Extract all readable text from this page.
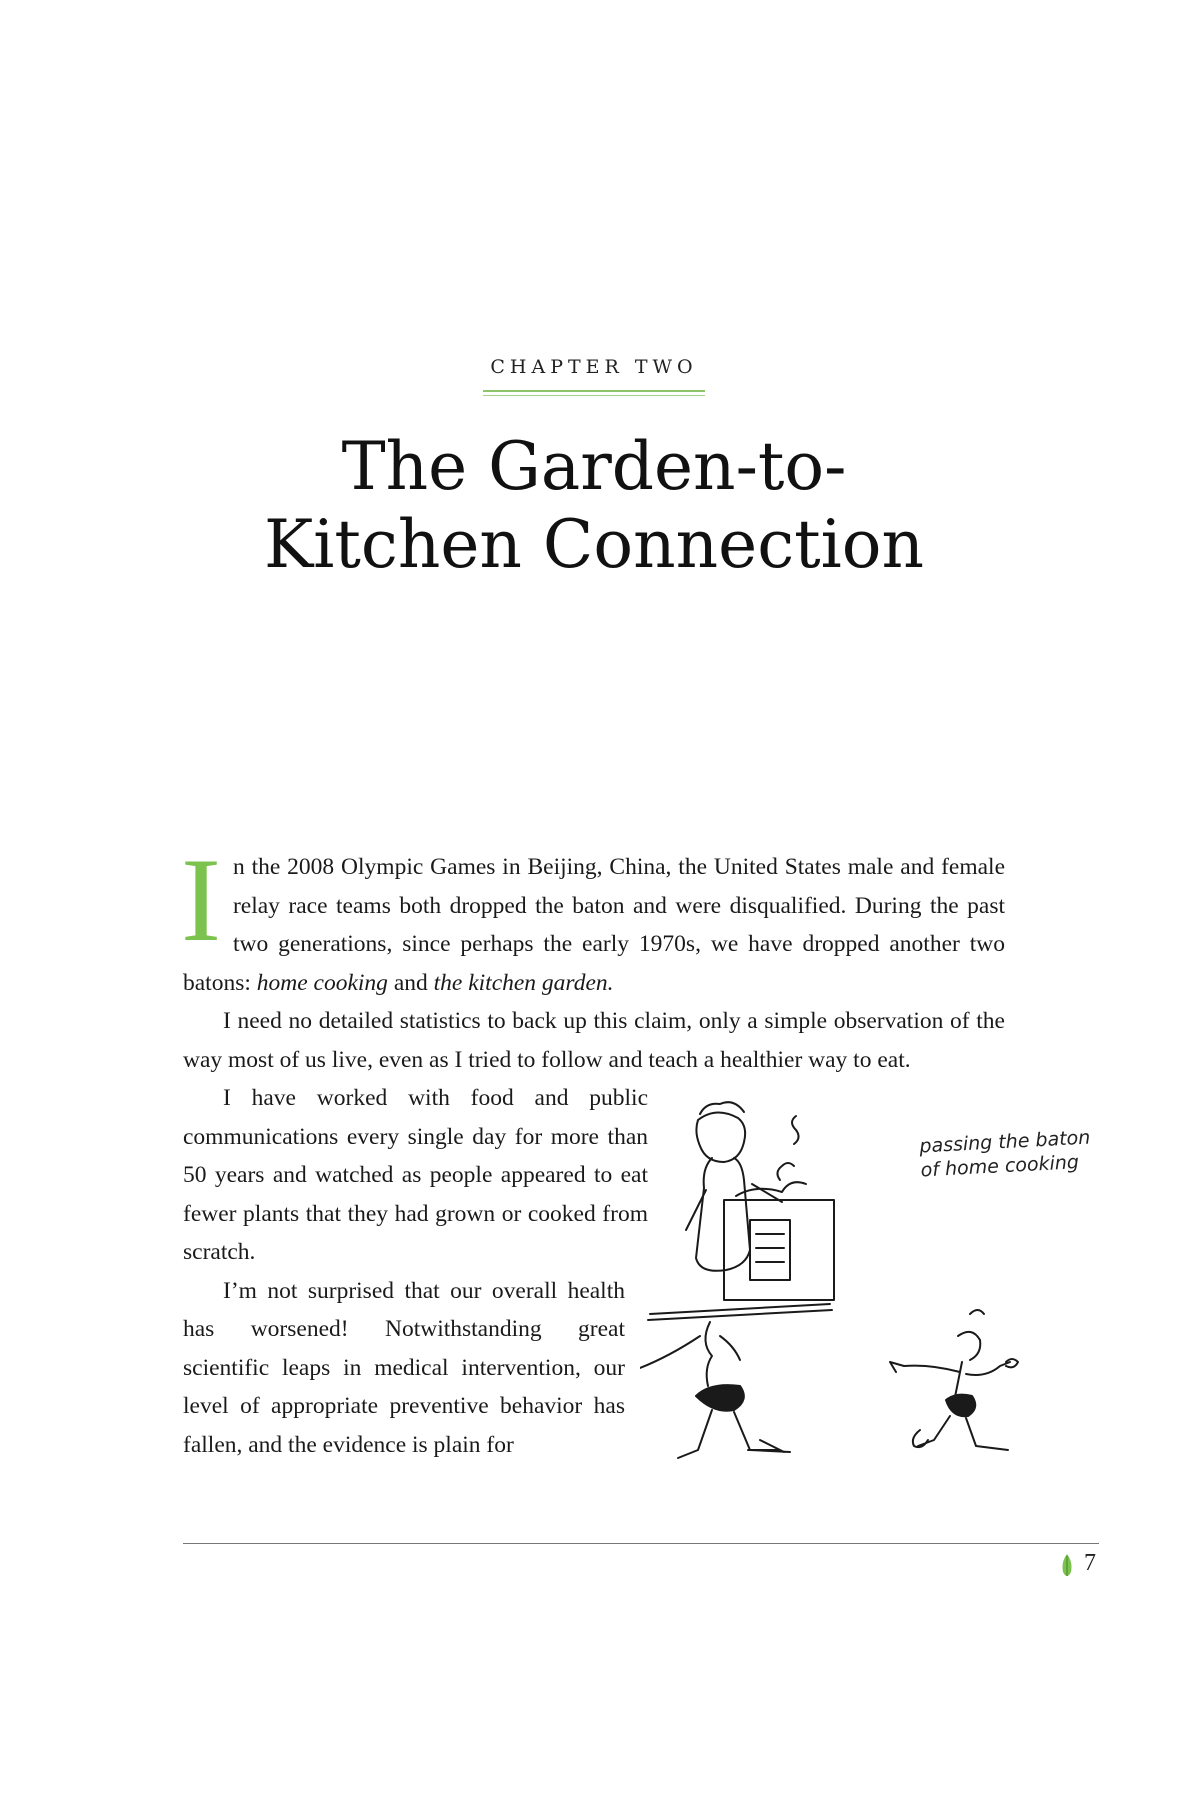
CHAPTER TWO
The Garden-to-
Kitchen Connection

In the 2008 Olympic Games in Beijing, China, the United States male and female relay race teams both dropped the baton and were disqualified. During the past two generations, since perhaps the early 1970s, we have dropped another two batons: home cooking and the kitchen garden.

I need no detailed statistics to back up this claim, only a simple observation of the way most of us live, even as I tried to follow and teach a healthier way to eat.

I have worked with food and public communications every single day for more than 50 years and watched as people appeared to eat fewer plants that they had grown or cooked from scratch.

I’m not surprised that our overall health has worsened! Notwithstanding great scientific leaps in medical intervention, our level of appropriate preventive behavior has fallen, and the evidence is plain for

passing the baton
of home cooking
7
